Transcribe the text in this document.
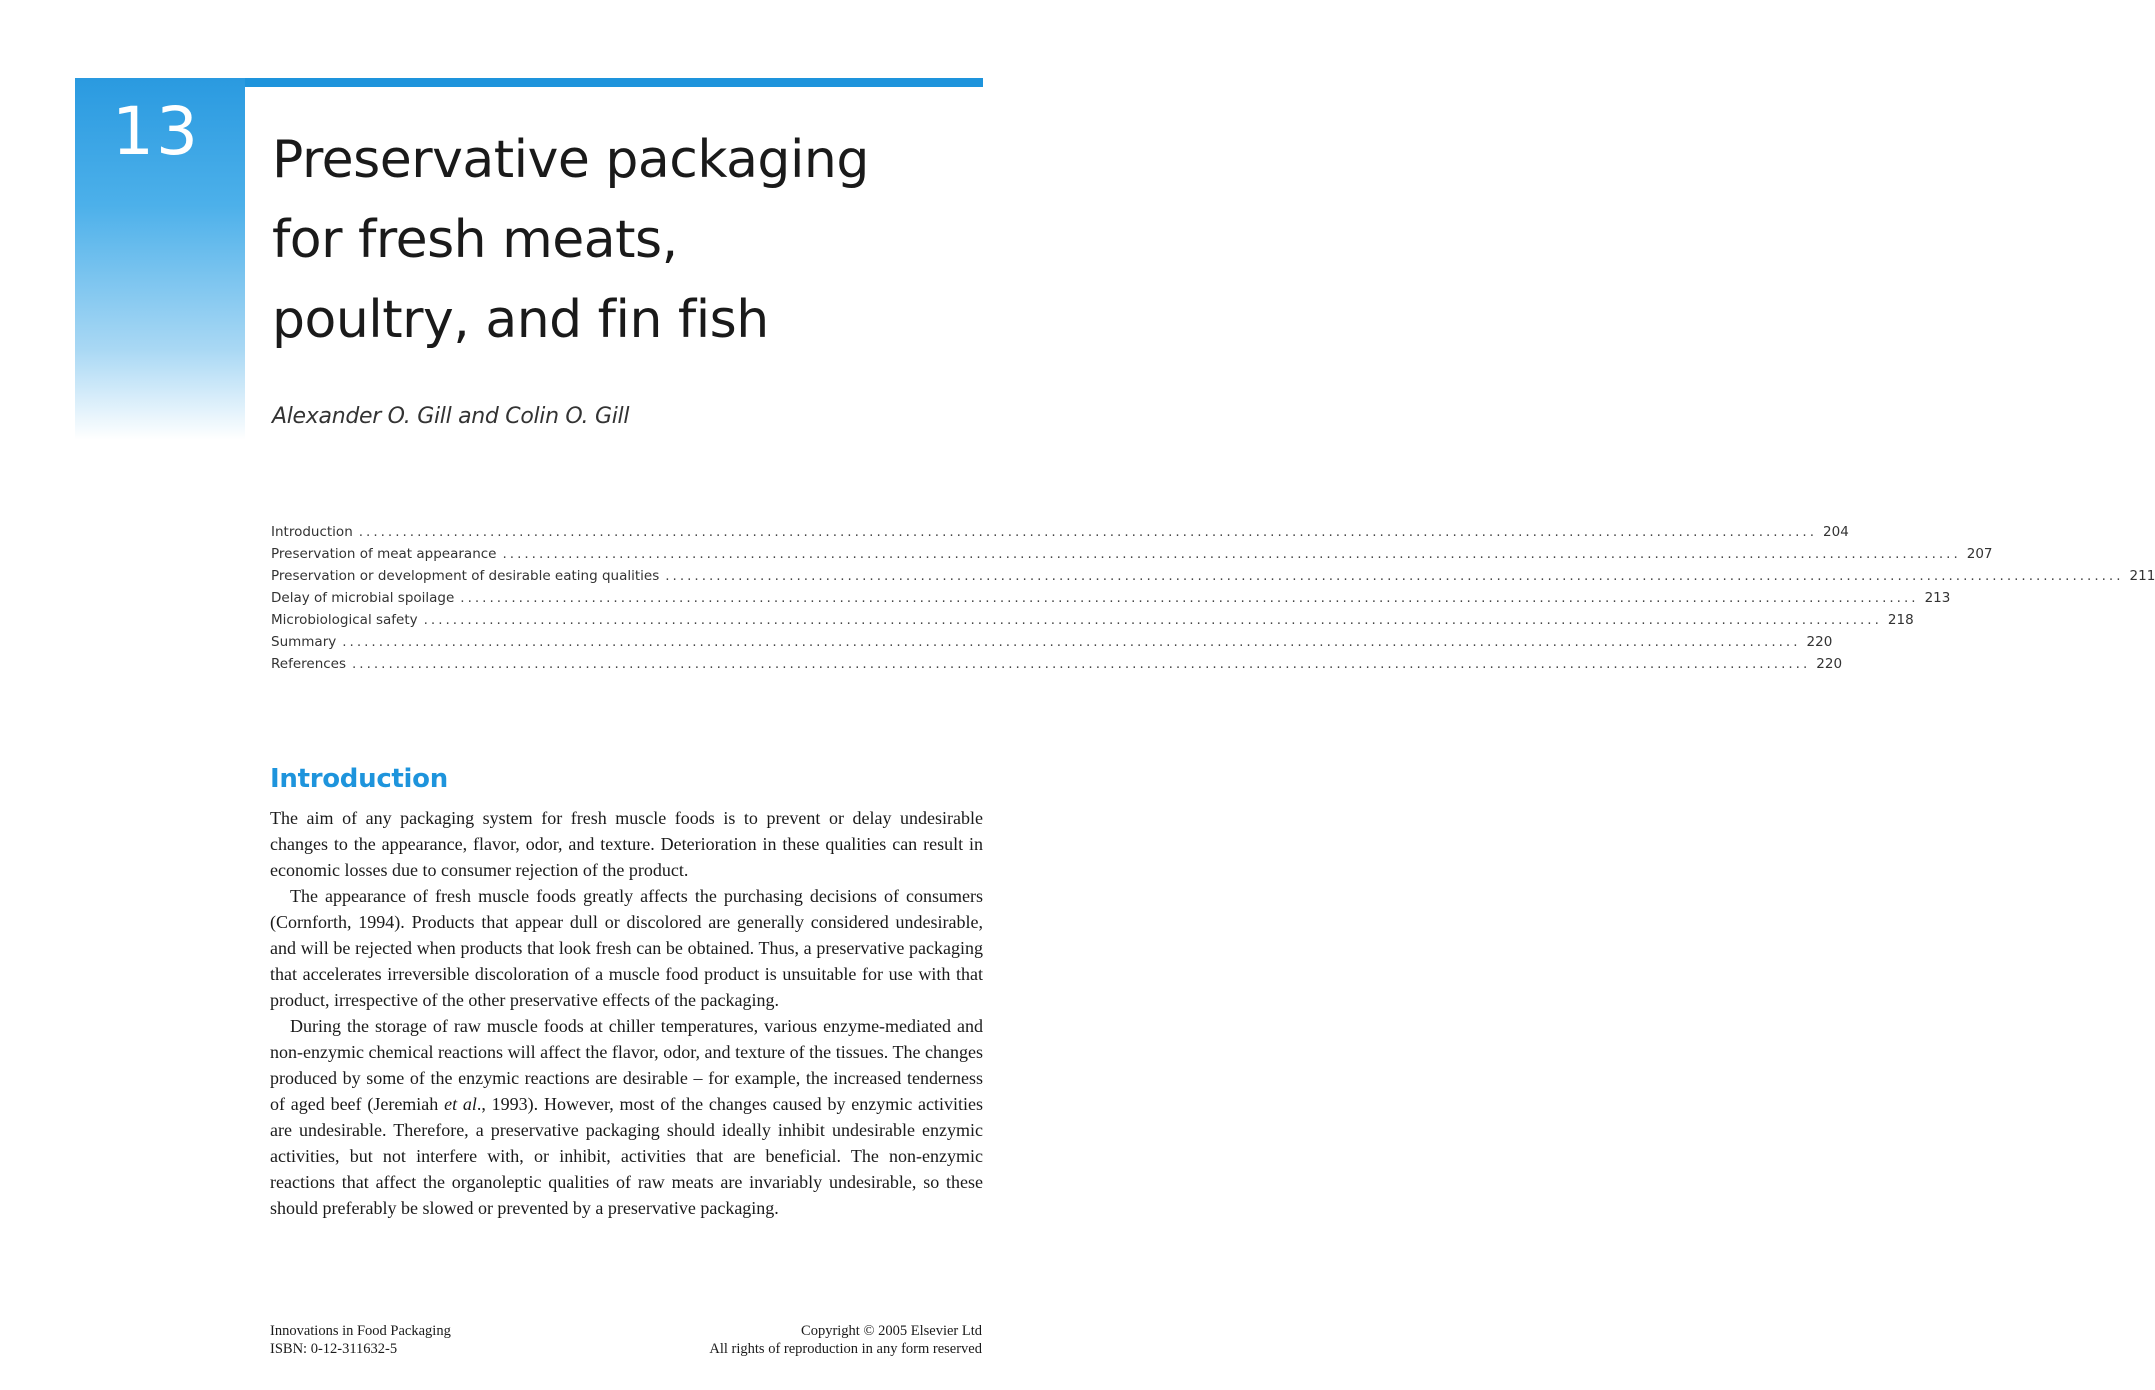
13 Preservative packaging
for fresh meats,
poultry, and fin fish
Alexander O. Gill and Colin O. Gill
Introduction ........................................................................................................................................................................................................ 204
Preservation of meat appearance ........................................................................................................................................................................................................ 207
Preservation or development of desirable eating qualities ........................................................................................................................................................................................................ 211
Delay of microbial spoilage ........................................................................................................................................................................................................ 213
Microbiological safety ........................................................................................................................................................................................................ 218
Summary ........................................................................................................................................................................................................ 220
References ........................................................................................................................................................................................................ 220
Introduction

The aim of any packaging system for fresh muscle foods is to prevent or delay undesirable changes to the appearance, flavor, odor, and texture. Deterioration in these qualities can result in economic losses due to consumer rejection of the product.

The appearance of fresh muscle foods greatly affects the purchasing decisions of consumers (Cornforth, 1994). Products that appear dull or discolored are generally considered undesirable, and will be rejected when products that look fresh can be obtained. Thus, a preservative packaging that accelerates irreversible discoloration of a muscle food product is unsuitable for use with that product, irrespective of the other preservative effects of the packaging.

During the storage of raw muscle foods at chiller temperatures, various enzyme-mediated and non-enzymic chemical reactions will affect the flavor, odor, and texture of the tissues. The changes produced by some of the enzymic reactions are desirable – for example, the increased tenderness of aged beef (Jeremiah et al., 1993). However, most of the changes caused by enzymic activities are undesirable. Therefore, a preservative packaging should ideally inhibit undesirable enzymic activities, but not interfere with, or inhibit, activities that are beneficial. The non-enzymic reactions that affect the organoleptic qualities of raw meats are invariably undesirable, so these should preferably be slowed or prevented by a preservative packaging.

Innovations in Food Packaging
ISBN: 0-12-311632-5
Copyright © 2005 Elsevier Ltd
All rights of reproduction in any form reserved
